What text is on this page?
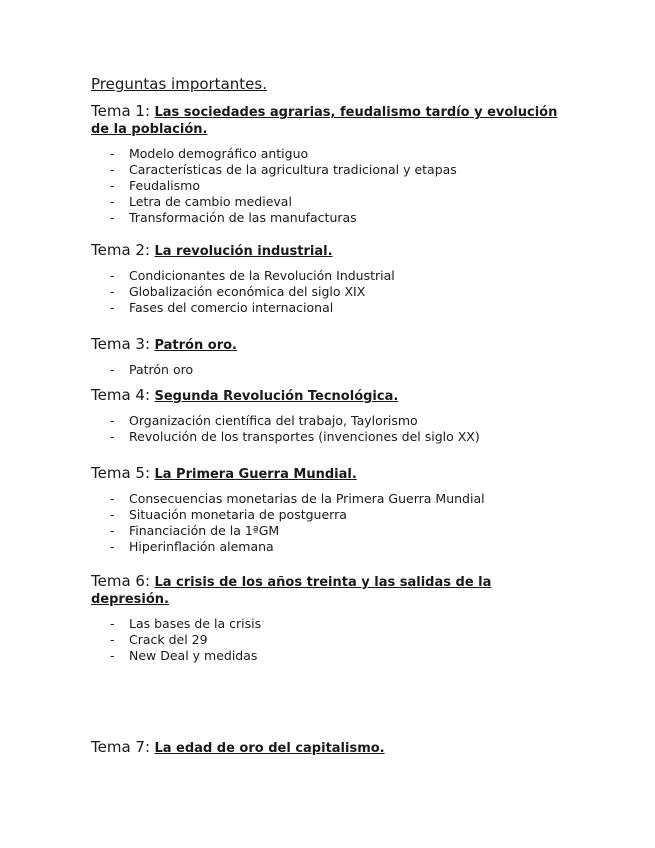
Preguntas importantes.
Tema 1: Las sociedades agrarias, feudalismo tardío y evolución de la población.
- Modelo demográfico antiguo
- Características de la agricultura tradicional y etapas
- Feudalismo
- Letra de cambio medieval
- Transformación de las manufacturas
Tema 2: La revolución industrial.
- Condicionantes de la Revolución Industrial
- Globalización económica del siglo XIX
- Fases del comercio internacional
Tema 3: Patrón oro.
- Patrón oro
Tema 4: Segunda Revolución Tecnológica.
- Organización científica del trabajo, Taylorismo
- Revolución de los transportes (invenciones del siglo XX)
Tema 5: La Primera Guerra Mundial.
- Consecuencias monetarias de la Primera Guerra Mundial
- Situación monetaria de postguerra
- Financiación de la 1ªGM
- Hiperinflación alemana
Tema 6: La crisis de los años treinta y las salidas de la depresión.
- Las bases de la crisis
- Crack del 29
- New Deal y medidas
Tema 7: La edad de oro del capitalismo.
